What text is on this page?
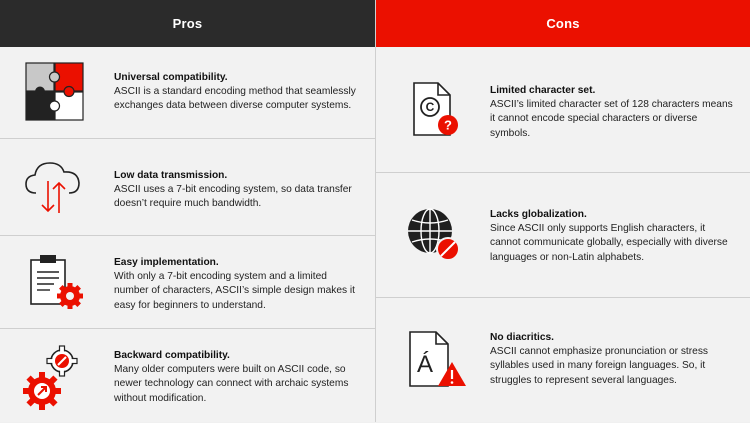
Pros
Universal compatibility.
ASCII is a standard encoding method that seamlessly exchanges data between diverse computer systems.
Low data transmission.
ASCII uses a 7-bit encoding system, so data transfer doesn’t require much bandwidth.
Easy implementation.
With only a 7-bit encoding system and a limited number of characters, ASCII’s simple design makes it easy for beginners to understand.
Backward compatibility.
Many older computers were built on ASCII code, so newer technology can connect with archaic systems without modification.
Cons
C
?
Limited character set.
ASCII’s limited character set of 128 characters means it cannot encode special characters or diverse symbols.
Lacks globalization.
Since ASCII only supports English characters, it cannot communicate globally, especially with diverse languages or non-Latin alphabets.
Á
No diacritics.
ASCII cannot emphasize pronunciation or stress syllables used in many foreign languages. So, it struggles to represent several languages.
